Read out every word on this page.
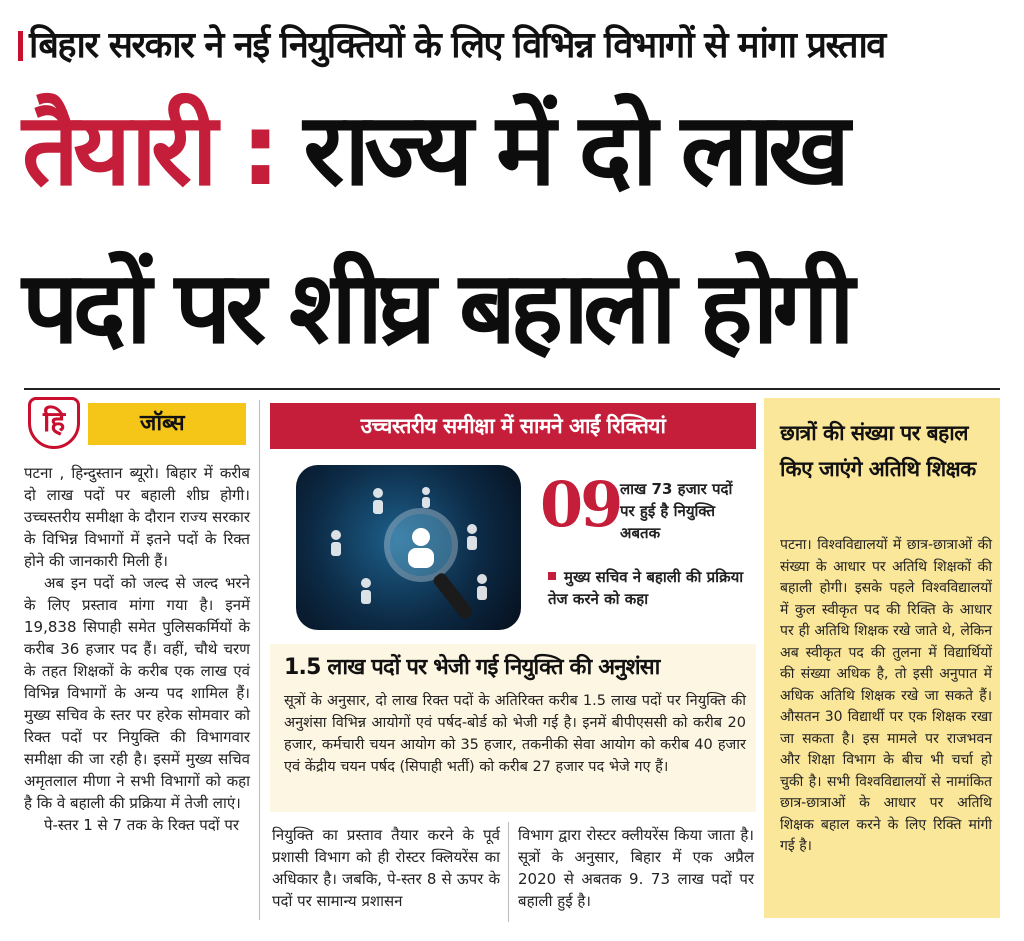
बिहार सरकार ने नई नियुक्तियों के लिए विभिन्न विभागों से मांगा प्रस्ताव
तैयारी : राज्य में दो लाख
पदों पर शीघ्र बहाली होगी
हि	जॉब्स
पटना , हिन्दुस्तान ब्यूरो। बिहार में करीब दो लाख पदों पर बहाली शीघ्र होगी। उच्चस्तरीय समीक्षा के दौरान राज्य सरकार के विभिन्न विभागों में इतने पदों के रिक्त होने की जानकारी मिली हैं।
अब इन पदों को जल्द से जल्द भरने के लिए प्रस्ताव मांगा गया है। इनमें 19,838 सिपाही समेत पुलिसकर्मियों के करीब 36 हजार पद हैं। वहीं, चौथे चरण के तहत शिक्षकों के करीब एक लाख एवं विभिन्न विभागों के अन्य पद शामिल हैं। मुख्य सचिव के स्तर पर हरेक सोमवार को रिक्त पदों पर नियुक्ति की विभागवार समीक्षा की जा रही है। इसमें मुख्य सचिव अमृतलाल मीणा ने सभी विभागों को कहा है कि वे बहाली की प्रक्रिया में तेजी लाएं।
पे-स्तर 1 से 7 तक के रिक्त पदों पर
उच्चस्तरीय समीक्षा में सामने आईं रिक्तियां
09 लाख 73 हजार पदों पर हुई है नियुक्ति अबतक
मुख्य सचिव ने बहाली की प्रक्रिया तेज करने को कहा
1.5 लाख पदों पर भेजी गई नियुक्ति की अनुशंसा
सूत्रों के अनुसार, दो लाख रिक्त पदों के अतिरिक्त करीब 1.5 लाख पदों पर नियुक्ति की अनुशंसा विभिन्न आयोगों एवं पर्षद-बोर्ड को भेजी गई है। इनमें बीपीएससी को करीब 20 हजार, कर्मचारी चयन आयोग को 35 हजार, तकनीकी सेवा आयोग को करीब 40 हजार एवं केंद्रीय चयन पर्षद (सिपाही भर्ती) को करीब 27 हजार पद भेजे गए हैं।
नियुक्ति का प्रस्ताव तैयार करने के पूर्व प्रशासी विभाग को ही रोस्टर क्लियरेंस का अधिकार है। जबकि, पे-स्तर 8 से ऊपर के पदों पर सामान्य प्रशासन
विभाग द्वारा रोस्टर क्लीयरेंस किया जाता है। सूत्रों के अनुसार, बिहार में एक अप्रैल 2020 से अबतक 9. 73 लाख पदों पर बहाली हुई है।
छात्रों की संख्या पर बहाल किए जाएंगे अतिथि शिक्षक
पटना। विश्वविद्यालयों में छात्र-छात्राओं की संख्या के आधार पर अतिथि शिक्षकों की बहाली होगी। इसके पहले विश्वविद्यालयों में कुल स्वीकृत पद की रिक्ति के आधार पर ही अतिथि शिक्षक रखे जाते थे, लेकिन अब स्वीकृत पद की तुलना में विद्यार्थियों की संख्या अधिक है, तो इसी अनुपात में अधिक अतिथि शिक्षक रखे जा सकते हैं। औसतन 30 विद्यार्थी पर एक शिक्षक रखा जा सकता है। इस मामले पर राजभवन और शिक्षा विभाग के बीच भी चर्चा हो चुकी है। सभी विश्वविद्यालयों से नामांकित छात्र-छात्राओं के आधार पर अतिथि शिक्षक बहाल करने के लिए रिक्ति मांगी गई है।
